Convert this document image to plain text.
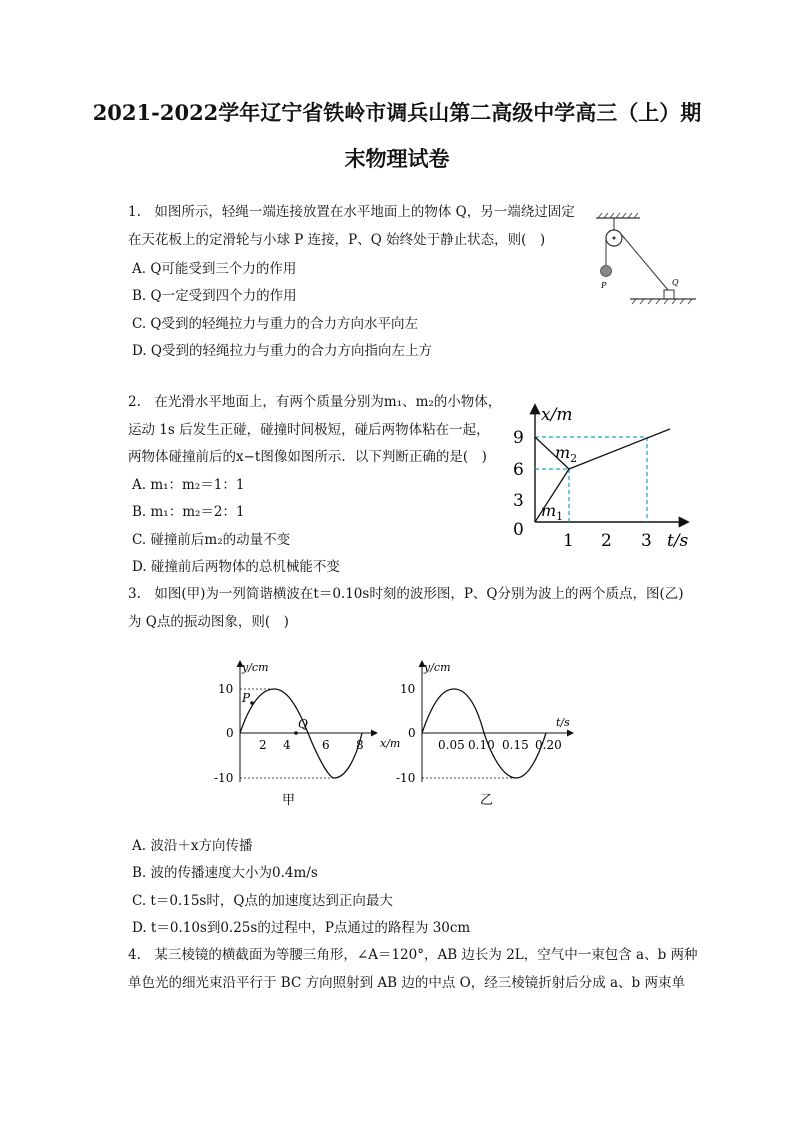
2021-2022学年辽宁省铁岭市调兵山第二高级中学高三（上）期
末物理试卷
1.　如图所示，轻绳一端连接放置在水平地面上的物体 Q，另一端绕过固定
在天花板上的定滑轮与小球 P 连接，P、Q 始终处于静止状态，则(　)
A. Q可能受到三个力的作用
B. Q一定受到四个力的作用
C. Q受到的轻绳拉力与重力的合力方向水平向左
D. Q受到的轻绳拉力与重力的合力方向指向左上方
P	Q
2.　在光滑水平地面上，有两个质量分别为m₁、m₂的小物体，
运动 1s 后发生正碰，碰撞时间极短，碰后两物体粘在一起，
两物体碰撞前后的x−t图像如图所示．以下判断正确的是(　)
A. m₁：m₂＝1：1
B. m₁：m₂＝2：1
C. 碰撞前后m₂的动量不变
D. 碰撞前后两物体的总机械能不变
x/m
t/s
9
6
3
0
1 2 3
$m_1$
$m_2$
3.　如图(甲)为一列简谐横波在t＝0.10s时刻的波形图，P、Q分别为波上的两个质点，图(乙)
为 Q点的振动图象，则(　)
y/cm
x/m
10
-10
0
2 4	6 8
P
Q
甲
y/cm
t/s
10
-10
0
0.05 0.10 0.15 0.20
乙
A. 波沿＋x方向传播
B. 波的传播速度大小为0.4m/s
C. t＝0.15s时，Q点的加速度达到正向最大
D. t＝0.10s到0.25s的过程中，P点通过的路程为 30cm
4.　某三棱镜的横截面为等腰三角形，∠A＝120°，AB 边长为 2L，空气中一束包含 a、b 两种
单色光的细光束沿平行于 BC 方向照射到 AB 边的中点 O，经三棱镜折射后分成 a、b 两束单
